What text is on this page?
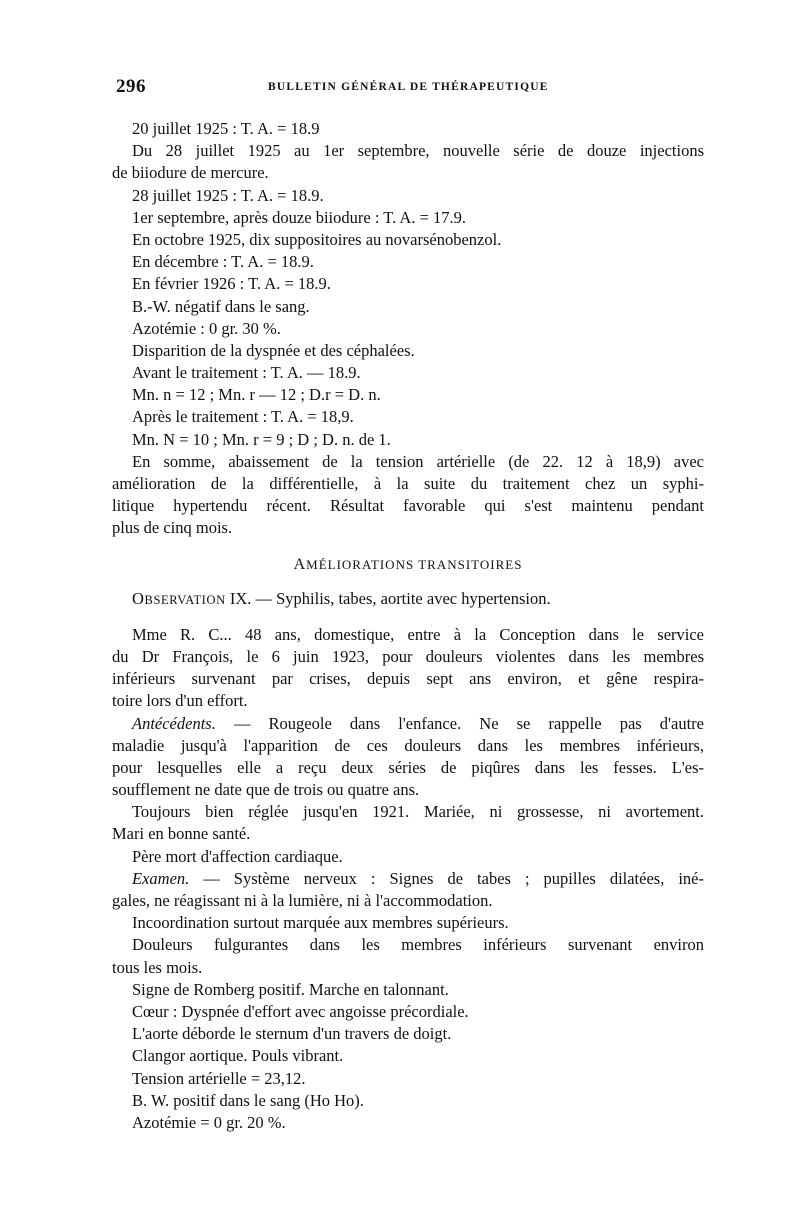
296	BULLETIN GÉNÉRAL DE THÉRAPEUTIQUE
20 juillet 1925 : T. A. = 18.9
Du 28 juillet 1925 au 1er septembre, nouvelle série de douze injections
de biiodure de mercure.
28 juillet 1925 : T. A. = 18.9.
1er septembre, après douze biiodure : T. A. = 17.9.
En octobre 1925, dix suppositoires au novarsénobenzol.
En décembre : T. A. = 18.9.
En février 1926 : T. A. = 18.9.
B.-W. négatif dans le sang.
Azotémie : 0 gr. 30 %.
Disparition de la dyspnée et des céphalées.
Avant le traitement : T. A. — 18.9.
Mn. n = 12 ; Mn. r — 12 ; D.r = D. n.
Après le traitement : T. A. = 18,9.
Mn. N = 10 ; Mn. r = 9 ; D ; D. n. de 1.
En somme, abaissement de la tension artérielle (de 22. 12 à 18,9) avec
amélioration de la différentielle, à la suite du traitement chez un syphi-
litique hypertendu récent. Résultat favorable qui s'est maintenu pendant
plus de cinq mois.
AMÉLIORATIONS TRANSITOIRES
OBSERVATION IX. — Syphilis, tabes, aortite avec hypertension.
Mme R. C... 48 ans, domestique, entre à la Conception dans le service
du Dr François, le 6 juin 1923, pour douleurs violentes dans les membres
inférieurs survenant par crises, depuis sept ans environ, et gêne respira-
toire lors d'un effort.
Antécédents. — Rougeole dans l'enfance. Ne se rappelle pas d'autre
maladie jusqu'à l'apparition de ces douleurs dans les membres inférieurs,
pour lesquelles elle a reçu deux séries de piqûres dans les fesses. L'es-
soufflement ne date que de trois ou quatre ans.
Toujours bien réglée jusqu'en 1921. Mariée, ni grossesse, ni avortement.
Mari en bonne santé.
Père mort d'affection cardiaque.
Examen. — Système nerveux : Signes de tabes ; pupilles dilatées, iné-
gales, ne réagissant ni à la lumière, ni à l'accommodation.
Incoordination surtout marquée aux membres supérieurs.
Douleurs fulgurantes dans les membres inférieurs survenant environ
tous les mois.
Signe de Romberg positif. Marche en talonnant.
Cœur : Dyspnée d'effort avec angoisse précordiale.
L'aorte déborde le sternum d'un travers de doigt.
Clangor aortique. Pouls vibrant.
Tension artérielle = 23,12.
B. W. positif dans le sang (Ho Ho).
Azotémie = 0 gr. 20 %.
